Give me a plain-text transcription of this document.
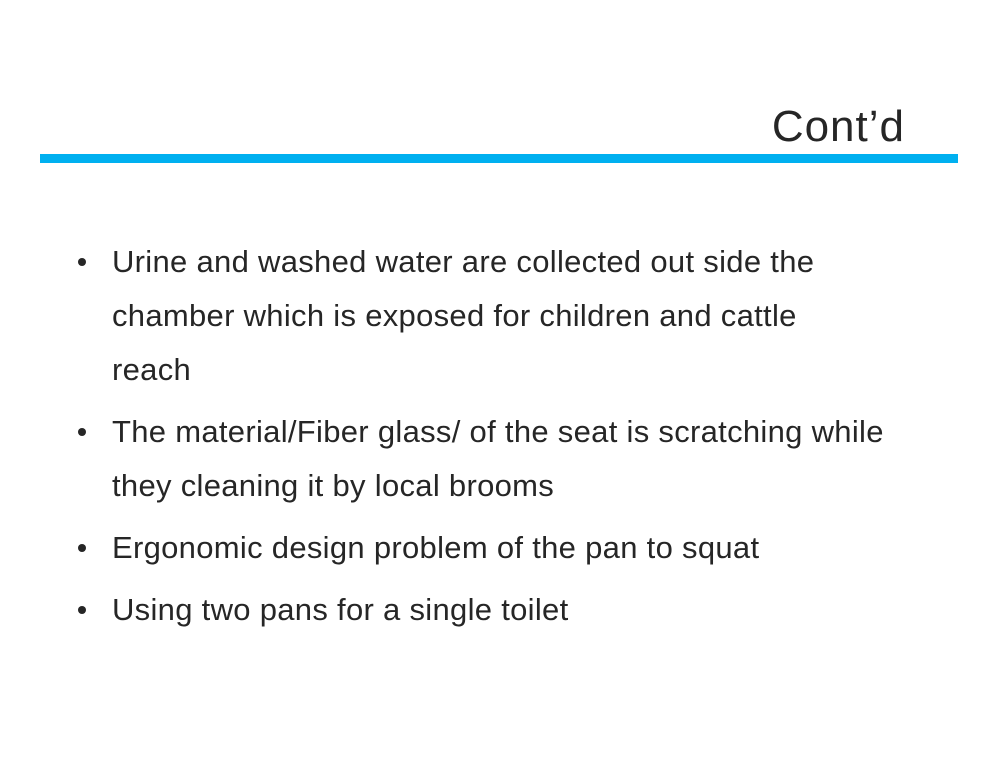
Cont’d
Urine and washed water are collected out side the
chamber which is exposed for children and cattle
reach
The material/Fiber glass/ of the seat is scratching while
they cleaning it by local brooms
Ergonomic design problem of the pan to squat
Using two pans for a single toilet
